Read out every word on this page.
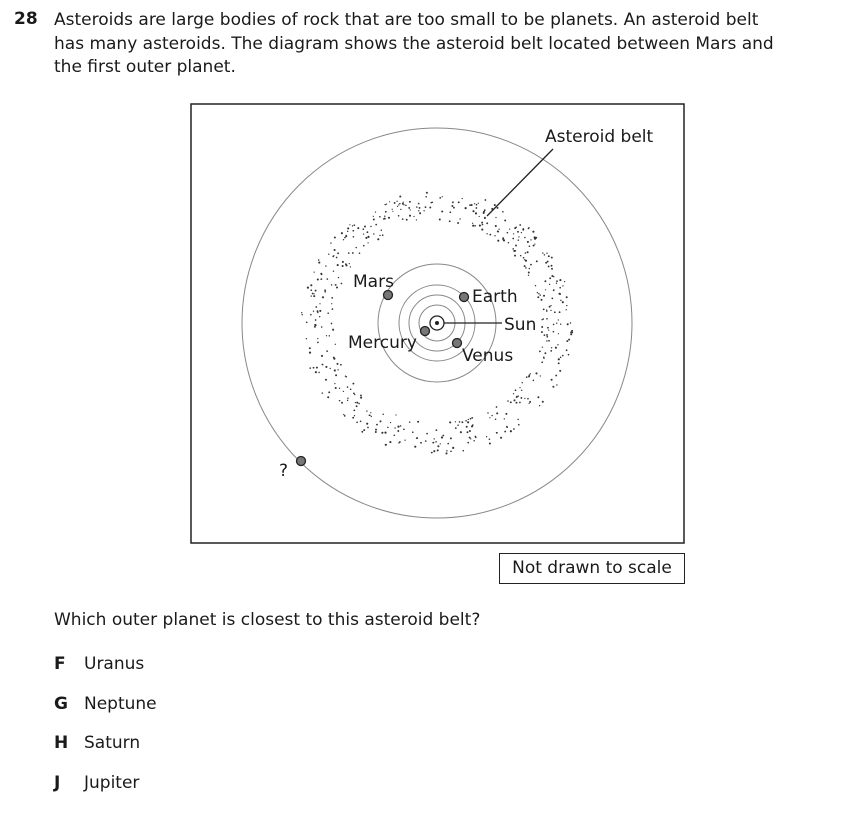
28 Asteroids are large bodies of rock that are too small to be planets. An asteroid belt
has many asteroids. The diagram shows the asteroid belt located between Mars and
the first outer planet.
Asteroid belt
Mars
Earth
Sun
Mercury
Venus
?
Not drawn to scale
Which outer planet is closest to this asteroid belt?
F Uranus
G Neptune
H Saturn
J Jupiter
